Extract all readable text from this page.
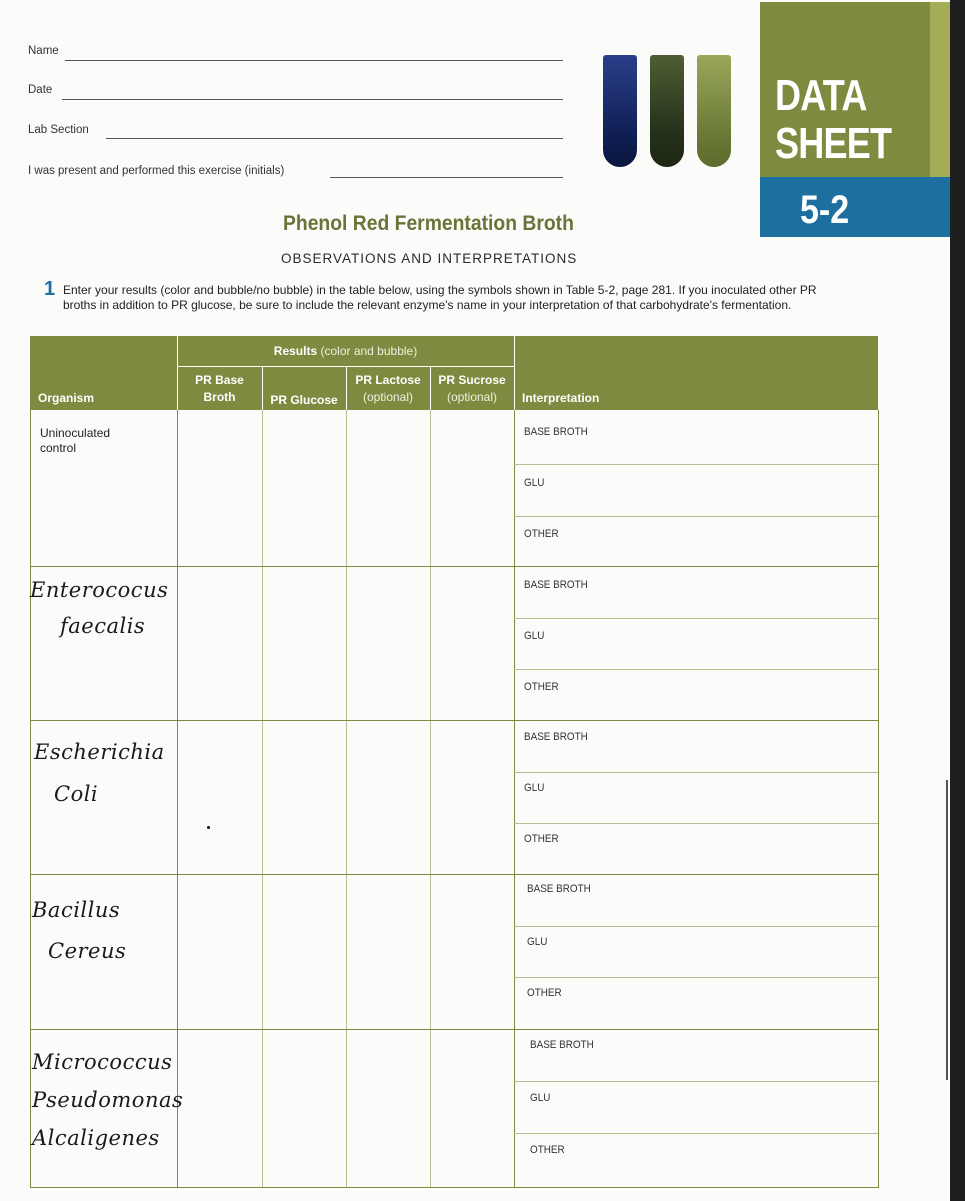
Name
Date
Lab Section
I was present and performed this exercise (initials)
DATA
SHEET
5-2
Phenol Red Fermentation Broth
OBSERVATIONS AND INTERPRETATIONS
1 Enter your results (color and bubble/no bubble) in the table below, using the symbols shown in Table 5-2, page 281. If you inoculated other PR broths in addition to PR glucose, be sure to include the relevant enzyme's name in your interpretation of that carbohydrate's fermentation.
Results (color and bubble)
Organism
PR Base
Broth	PR Glucose
PR Lactose
(optional)
PR Sucrose
(optional)	Interpretation
Uninoculated
control
BASE BROTH
GLU
OTHER
Enterococus
faecalis
BASE BROTH
GLU
OTHER
Escherichia
Coli
BASE BROTH
GLU
OTHER
Bacillus
Cereus
BASE BROTH
GLU
OTHER
Micrococcus
Pseudomonas
Alcaligenes
BASE BROTH
GLU
OTHER
